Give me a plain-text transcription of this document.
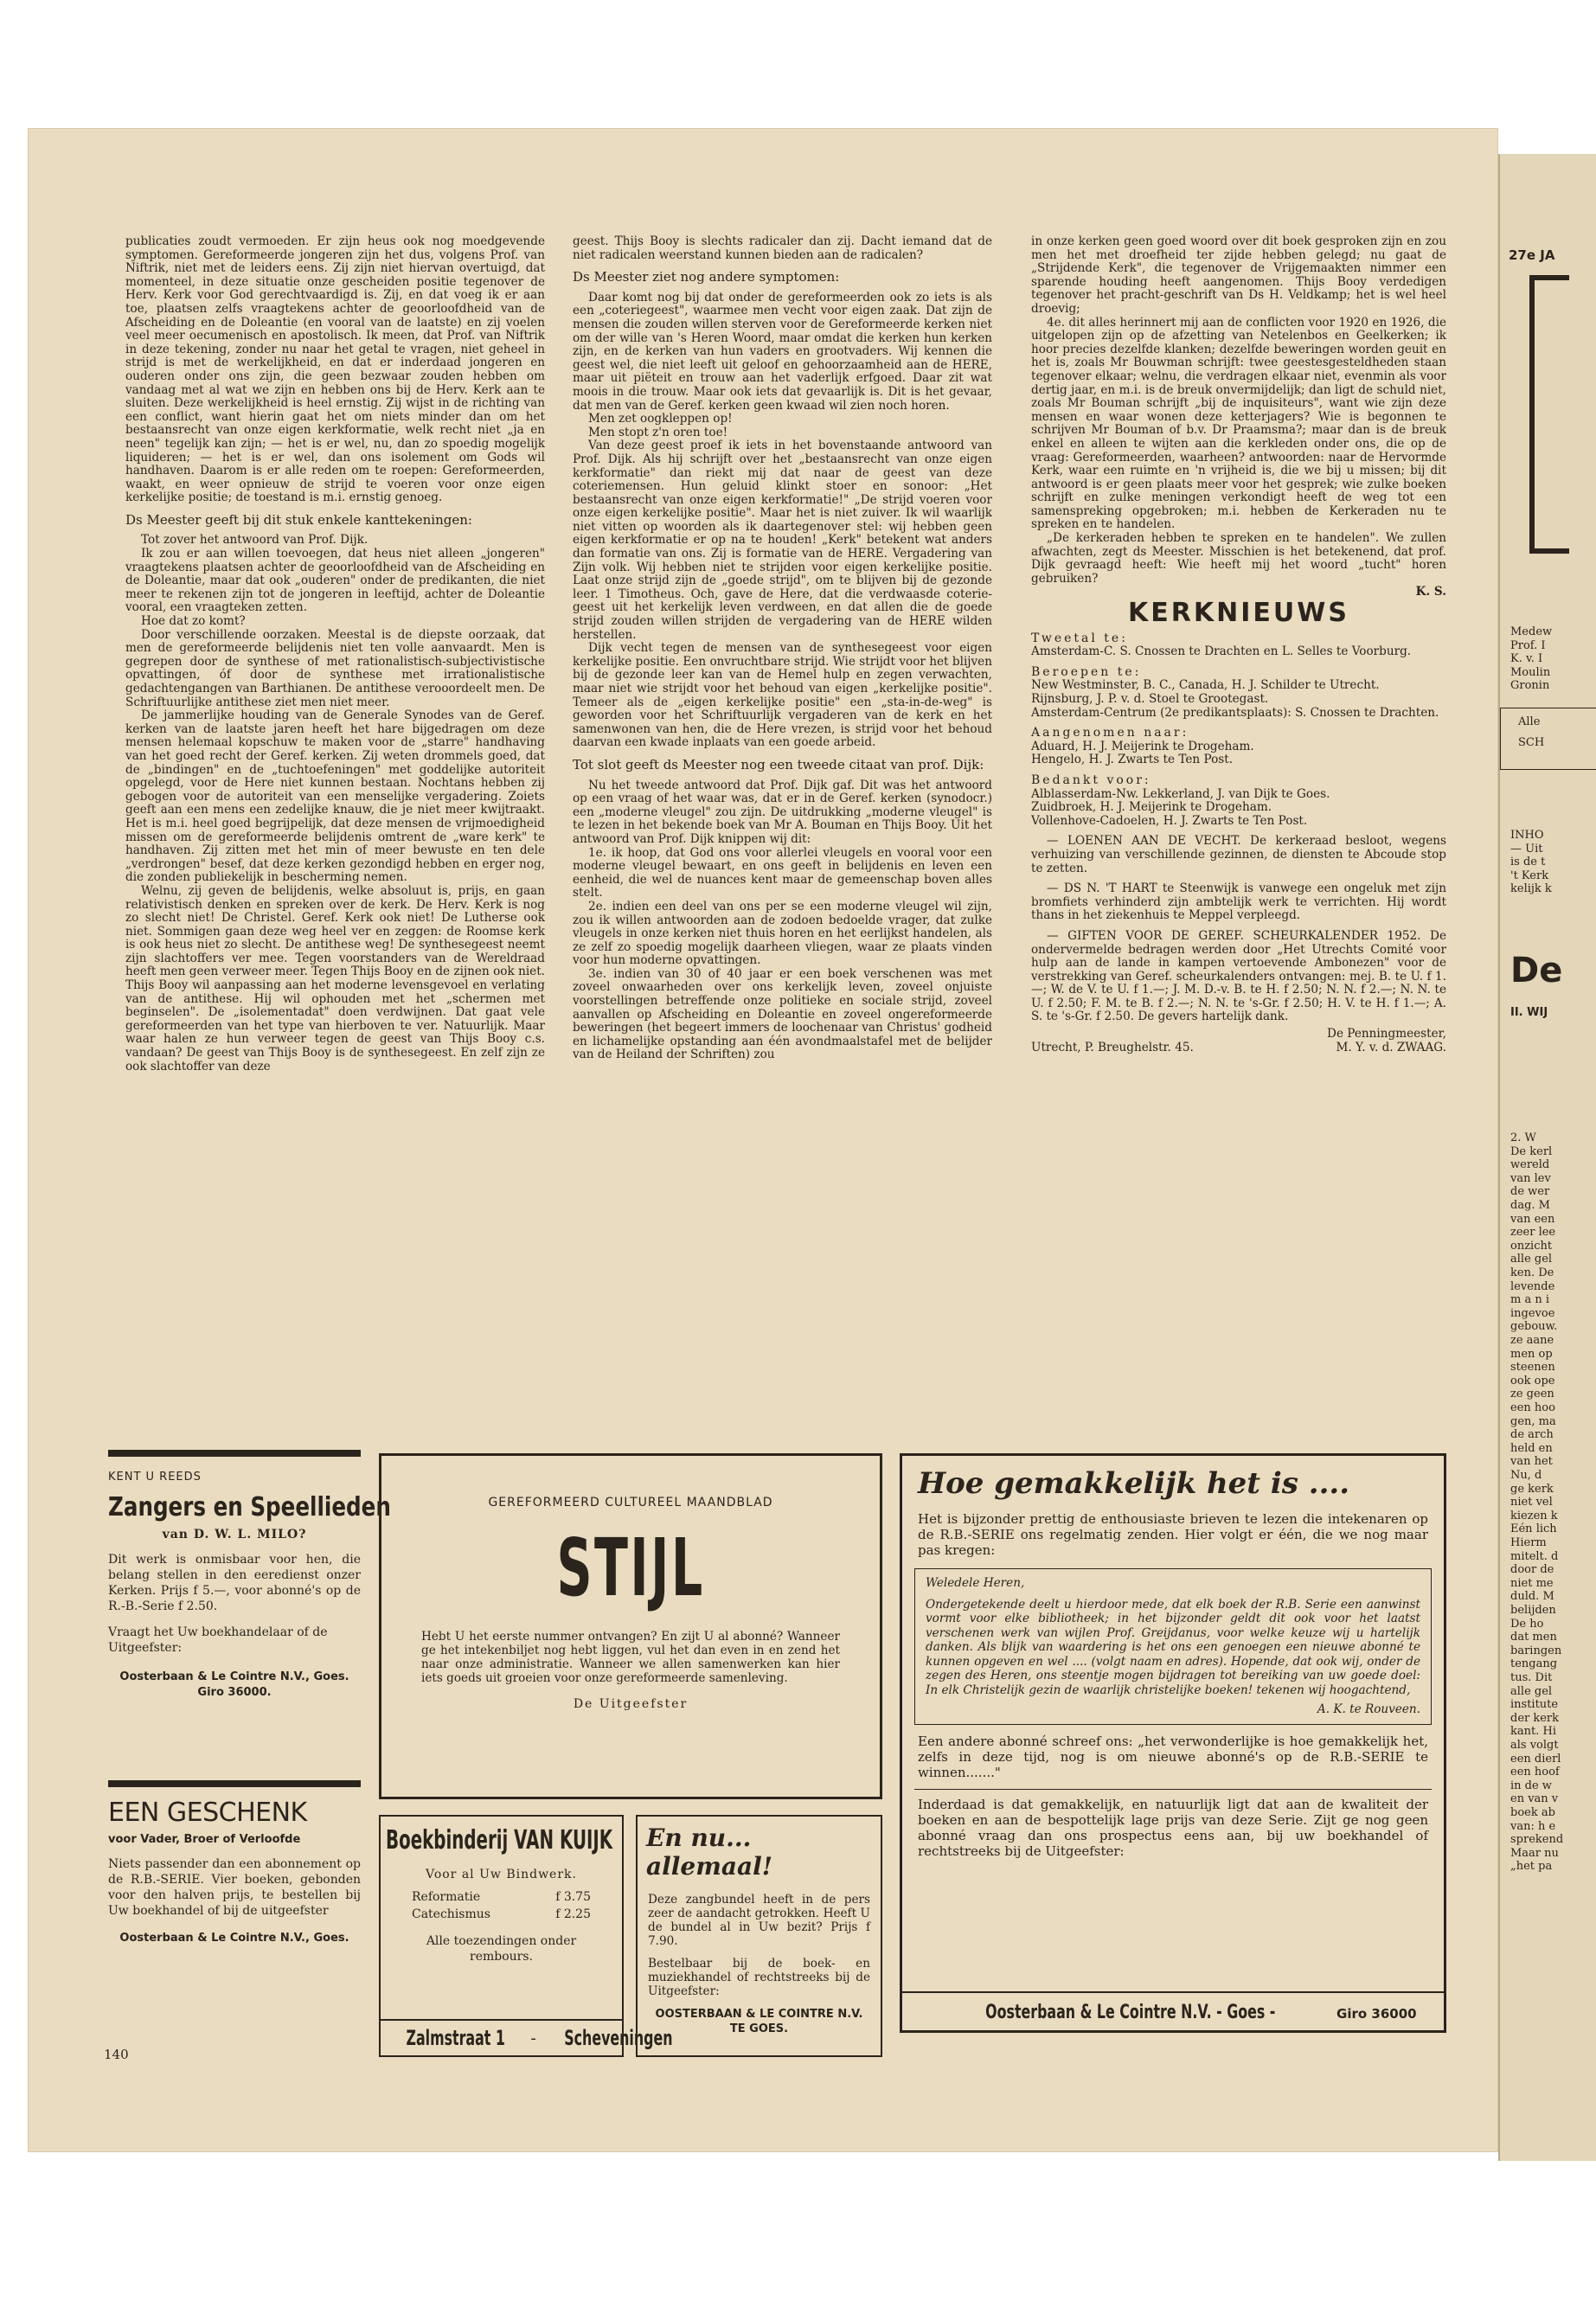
publicaties zoudt vermoeden. Er zijn heus ook nog moedgevende symptomen. Gereformeerde jongeren zijn het dus, volgens Prof. van Niftrik, niet met de leiders eens. Zij zijn niet hiervan overtuigd, dat momenteel, in deze situatie onze gescheiden positie tegenover de Herv. Kerk voor God gerechtvaardigd is. Zij, en dat voeg ik er aan toe, plaatsen zelfs vraagtekens achter de geoorloofdheid van de Afscheiding en de Doleantie (en vooral van de laatste) en zij voelen veel meer oecumenisch en apostolisch. Ik meen, dat Prof. van Niftrik in deze tekening, zonder nu naar het getal te vragen, niet geheel in strijd is met de werkelijkheid, en dat er inderdaad jongeren en ouderen onder ons zijn, die geen bezwaar zouden hebben om vandaag met al wat we zijn en hebben ons bij de Herv. Kerk aan te sluiten. Deze werkelijkheid is heel ernstig. Zij wijst in de richting van een conflict, want hierin gaat het om niets minder dan om het bestaansrecht van onze eigen kerkformatie, welk recht niet „ja en neen" tegelijk kan zijn; — het is er wel, nu, dan zo spoedig mogelijk liquideren; — het is er wel, dan ons isolement om Gods wil handhaven. Daarom is er alle reden om te roepen: Gereformeerden, waakt, en weer opnieuw de strijd te voeren voor onze eigen kerkelijke positie; de toestand is m.i. ernstig genoeg.

Ds Meester geeft bij dit stuk enkele kanttekeningen:

Tot zover het antwoord van Prof. Dijk.

Ik zou er aan willen toevoegen, dat heus niet alleen „jongeren" vraagtekens plaatsen achter de geoorloofdheid van de Afscheiding en de Doleantie, maar dat ook „ouderen" onder de predikanten, die niet meer te rekenen zijn tot de jongeren in leeftijd, achter de Doleantie vooral, een vraagteken zetten.

Hoe dat zo komt?

Door verschillende oorzaken. Meestal is de diepste oorzaak, dat men de gereformeerde belijdenis niet ten volle aanvaardt. Men is gegrepen door de synthese of met rationalistisch-subjectivistische opvattingen, óf door de synthese met irrationalistische gedachtengangen van Barthianen. De antithese verooordeelt men. De Schriftuurlijke antithese ziet men niet meer.

De jammerlijke houding van de Generale Synodes van de Geref. kerken van de laatste jaren heeft het hare bijgedragen om deze mensen helemaal kopschuw te maken voor de „starre" handhaving van het goed recht der Geref. kerken. Zij weten drommels goed, dat de „bindingen" en de „tuchtoefeningen" met goddelijke autoriteit opgelegd, voor de Here niet kunnen bestaan. Nochtans hebben zij gebogen voor de autoriteit van een menselijke vergadering. Zoiets geeft aan een mens een zedelijke knauw, die je niet meer kwijtraakt. Het is m.i. heel goed begrijpelijk, dat deze mensen de vrijmoedigheid missen om de gereformeerde belijdenis omtrent de „ware kerk" te handhaven. Zij zitten met het min of meer bewuste en ten dele „verdrongen" besef, dat deze kerken gezondigd hebben en erger nog, die zonden publiekelijk in bescherming nemen.

Welnu, zij geven de belijdenis, welke absoluut is, prijs, en gaan relativistisch denken en spreken over de kerk. De Herv. Kerk is nog zo slecht niet! De Christel. Geref. Kerk ook niet! De Lutherse ook niet. Sommigen gaan deze weg heel ver en zeggen: de Roomse kerk is ook heus niet zo slecht. De antithese weg! De synthesegeest neemt zijn slachtoffers ver mee. Tegen voorstanders van de Wereldraad heeft men geen verweer meer. Tegen Thijs Booy en de zijnen ook niet. Thijs Booy wil aanpassing aan het moderne levensgevoel en verlating van de antithese. Hij wil ophouden met het „schermen met beginselen". De „isolementadat" doen verdwijnen. Dat gaat vele gereformeerden van het type van hierboven te ver. Natuurlijk. Maar waar halen ze hun verweer tegen de geest van Thijs Booy c.s. vandaan? De geest van Thijs Booy is de synthesegeest. En zelf zijn ze ook slachtoffer van deze

geest. Thijs Booy is slechts radicaler dan zij. Dacht iemand dat de niet radicalen weerstand kunnen bieden aan de radicalen?

Ds Meester ziet nog andere symptomen:

Daar komt nog bij dat onder de gereformeerden ook zo iets is als een „coteriegeest", waarmee men vecht voor eigen zaak. Dat zijn de mensen die zouden willen sterven voor de Gereformeerde kerken niet om der wille van 's Heren Woord, maar omdat die kerken hun kerken zijn, en de kerken van hun vaders en grootvaders. Wij kennen die geest wel, die niet leeft uit geloof en gehoorzaamheid aan de HERE, maar uit piëteit en trouw aan het vaderlijk erfgoed. Daar zit wat moois in die trouw. Maar ook iets dat gevaarlijk is. Dit is het gevaar, dat men van de Geref. kerken geen kwaad wil zien noch horen.

Men zet oogkleppen op!

Men stopt z'n oren toe!

Van deze geest proef ik iets in het bovenstaande antwoord van Prof. Dijk. Als hij schrijft over het „bestaansrecht van onze eigen kerkformatie" dan riekt mij dat naar de geest van deze coteriemensen. Hun geluid klinkt stoer en sonoor: „Het bestaansrecht van onze eigen kerkformatie!" „De strijd voeren voor onze eigen kerkelijke positie". Maar het is niet zuiver. Ik wil waarlijk niet vitten op woorden als ik daartegenover stel: wij hebben geen eigen kerkformatie er op na te houden! „Kerk" betekent wat anders dan formatie van ons. Zij is formatie van de HERE. Vergadering van Zijn volk. Wij hebben niet te strijden voor eigen kerkelijke positie. Laat onze strijd zijn de „goede strijd", om te blijven bij de gezonde leer. 1 Timotheus. Och, gave de Here, dat die verdwaasde coterie-geest uit het kerkelijk leven verdween, en dat allen die de goede strijd zouden willen strijden de vergadering van de HERE wilden herstellen.

Dijk vecht tegen de mensen van de synthesegeest voor eigen kerkelijke positie. Een onvruchtbare strijd. Wie strijdt voor het blijven bij de gezonde leer kan van de Hemel hulp en zegen verwachten, maar niet wie strijdt voor het behoud van eigen „kerkelijke positie". Temeer als de „eigen kerkelijke positie" een „sta-in-de-weg" is geworden voor het Schriftuurlijk vergaderen van de kerk en het samenwonen van hen, die de Here vrezen, is strijd voor het behoud daarvan een kwade inplaats van een goede arbeid.

Tot slot geeft ds Meester nog een tweede citaat van prof. Dijk:

Nu het tweede antwoord dat Prof. Dijk gaf. Dit was het antwoord op een vraag of het waar was, dat er in de Geref. kerken (synodocr.) een „moderne vleugel" zou zijn. De uitdrukking „moderne vleugel" is te lezen in het bekende boek van Mr A. Bouman en Thijs Booy. Uit het antwoord van Prof. Dijk knippen wij dit:

1e. ik hoop, dat God ons voor allerlei vleugels en vooral voor een moderne vleugel bewaart, en ons geeft in belijdenis en leven een eenheid, die wel de nuances kent maar de gemeenschap boven alles stelt.

2e. indien een deel van ons per se een moderne vleugel wil zijn, zou ik willen antwoorden aan de zodoen bedoelde vrager, dat zulke vleugels in onze kerken niet thuis horen en het eerlijkst handelen, als ze zelf zo spoedig mogelijk daarheen vliegen, waar ze plaats vinden voor hun moderne opvattingen.

3e. indien van 30 of 40 jaar er een boek verschenen was met zoveel onwaarheden over ons kerkelijk leven, zoveel onjuiste voorstellingen betreffende onze politieke en sociale strijd, zoveel aanvallen op Afscheiding en Doleantie en zoveel ongereformeerde beweringen (het begeert immers de loochenaar van Christus' godheid en lichamelijke opstanding aan één avondmaalstafel met de belijder van de Heiland der Schriften) zou

in onze kerken geen goed woord over dit boek gesproken zijn en zou men het met droefheid ter zijde hebben gelegd; nu gaat de „Strijdende Kerk", die tegenover de Vrijgemaakten nimmer een sparende houding heeft aangenomen. Thijs Booy verdedigen tegenover het pracht-geschrift van Ds H. Veldkamp; het is wel heel droevig;

4e. dit alles herinnert mij aan de conflicten voor 1920 en 1926, die uitgelopen zijn op de afzetting van Netelenbos en Geelkerken; ik hoor precies dezelfde klanken; dezelfde beweringen worden geuit en het is, zoals Mr Bouwman schrijft: twee geestesgesteldheden staan tegenover elkaar; welnu, die verdragen elkaar niet, evenmin als voor dertig jaar, en m.i. is de breuk onvermijdelijk; dan ligt de schuld niet, zoals Mr Bouman schrijft „bij de inquisiteurs", want wie zijn deze mensen en waar wonen deze ketterjagers? Wie is begonnen te schrijven Mr Bouman of b.v. Dr Praamsma?; maar dan is de breuk enkel en alleen te wijten aan die kerkleden onder ons, die op de vraag: Gereformeerden, waarheen? antwoorden: naar de Hervormde Kerk, waar een ruimte en 'n vrijheid is, die we bij u missen; bij dit antwoord is er geen plaats meer voor het gesprek; wie zulke boeken schrijft en zulke meningen verkondigt heeft de weg tot een samenspreking opgebroken; m.i. hebben de Kerkeraden nu te spreken en te handelen.

„De kerkeraden hebben te spreken en te handelen". We zullen afwachten, zegt ds Meester. Misschien is het betekenend, dat prof. Dijk gevraagd heeft: Wie heeft mij het woord „tucht" horen gebruiken?

K. S.
KERKNIEUWS
Tweetal te:
Amsterdam-C. S. Cnossen te Drachten en L. Selles te Voorburg.
Beroepen te:
New Westminster, B. C., Canada, H. J. Schilder te Utrecht.
Rijnsburg, J. P. v. d. Stoel te Grootegast.
Amsterdam-Centrum (2e predikantsplaats): S. Cnossen te Drachten.
Aangenomen naar:
Aduard, H. J. Meijerink te Drogeham.
Hengelo, H. J. Zwarts te Ten Post.
Bedankt voor:
Alblasserdam-Nw. Lekkerland, J. van Dijk te Goes.
Zuidbroek, H. J. Meijerink te Drogeham.
Vollenhove-Cadoelen, H. J. Zwarts te Ten Post.

— LOENEN AAN DE VECHT. De kerkeraad besloot, wegens verhuizing van verschillende gezinnen, de diensten te Abcoude stop te zetten.

— DS N. 'T HART te Steenwijk is vanwege een ongeluk met zijn bromfiets verhinderd zijn ambtelijk werk te verrichten. Hij wordt thans in het ziekenhuis te Meppel verpleegd.

— GIFTEN VOOR DE GEREF. SCHEURKALENDER 1952. De ondervermelde bedragen werden door „Het Utrechts Comité voor hulp aan de lande in kampen vertoevende Ambonezen" voor de verstrekking van Geref. scheurkalenders ontvangen: mej. B. te U. f 1.—; W. de V. te U. f 1.—; J. M. D.-v. B. te H. f 2.50; N. N. f 2.—; N. N. te U. f 2.50; F. M. te B. f 2.—; N. N. te 's-Gr. f 2.50; H. V. te H. f 1.—; A. S. te 's-Gr. f 2.50. De gevers hartelijk dank.

De Penningmeester,
Utrecht, P. Breughelstr. 45.	M. Y. v. d. ZWAAG.
KENT U REEDS
Zangers en Speellieden
van D. W. L. MILO?
Dit werk is onmisbaar voor hen, die belang stellen in den eeredienst onzer Kerken. Prijs f 5.—, voor abonné's op de R.-B.-Serie f 2.50.
Vraagt het Uw boekhandelaar of de Uitgeefster:
Oosterbaan & Le Cointre N.V., Goes. Giro 36000.
EEN GESCHENK
voor Vader, Broer of Verloofde
Niets passender dan een abonnement op de R.B.-SERIE. Vier boeken, gebonden voor den halven prijs, te bestellen bij Uw boekhandel of bij de uitgeefster
Oosterbaan & Le Cointre N.V., Goes.
140
GEREFORMEERD CULTUREEL MAANDBLAD
STIJL
Hebt U het eerste nummer ontvangen? En zijt U al abonné? Wanneer ge het intekenbiljet nog hebt liggen, vul het dan even in en zend het naar onze administratie. Wanneer we allen samenwerken kan hier iets goeds uit groeien voor onze gereformeerde samenleving.
De Uitgeefster
Boekbinderij VAN KUIJK
Voor al Uw Bindwerk.
Reformatie	f 3.75
Catechismus	f 2.25
Alle toezendingen onder rembours.
Zalmstraat 1 - Scheveningen
En nu... allemaal!
Deze zangbundel heeft in de pers zeer de aandacht getrokken. Heeft U de bundel al in Uw bezit? Prijs f 7.90.
Bestelbaar bij de boek- en muziekhandel of rechtstreeks bij de Uitgeefster:
OOSTERBAAN & LE COINTRE N.V. TE GOES.
Hoe gemakkelijk het is ....
Het is bijzonder prettig de enthousiaste brieven te lezen die intekenaren op de R.B.-SERIE ons regelmatig zenden. Hier volgt er één, die we nog maar pas kregen:
Weledele Heren,
Ondergetekende deelt u hierdoor mede, dat elk boek der R.B. Serie een aanwinst vormt voor elke bibliotheek; in het bijzonder geldt dit ook voor het laatst verschenen werk van wijlen Prof. Greijdanus, voor welke keuze wij u hartelijk danken. Als blijk van waardering is het ons een genoegen een nieuwe abonné te kunnen opgeven en wel .... (volgt naam en adres). Hopende, dat ook wij, onder de zegen des Heren, ons steentje mogen bijdragen tot bereiking van uw goede doel: In elk Christelijk gezin de waarlijk christelijke boeken! tekenen wij hoogachtend,
A. K. te Rouveen.
Een andere abonné schreef ons: „het verwonderlijke is hoe gemakkelijk het, zelfs in deze tijd, nog is om nieuwe abonné's op de R.B.-SERIE te winnen......."
Inderdaad is dat gemakkelijk, en natuurlijk ligt dat aan de kwaliteit der boeken en aan de bespottelijk lage prijs van deze Serie. Zijt ge nog geen abonné vraag dan ons prospectus eens aan, bij uw boekhandel of rechtstreeks bij de Uitgeefster:
Oosterbaan & Le Cointre N.V. - Goes -	Giro 36000
27e JA
Medew
Prof. I
K. v. I
Moulin
Gronin
Alle
SCH
INHO
— Uit
is de t
't Kerk
kelijk k
De
II. WIJ
2. W
De kerl
wereld
van lev
de wer
dag. M
van een
zeer lee
onzicht
alle gel
ken. De
levende
m a n i
ingevoe
gebouw.
ze aane
men op
steenen
ook ope
ze geen
een hoo
gen, ma
de arch
held en
van het
Nu, d
ge kerk
niet vel
kiezen k
Eén lich
Hierm
mitelt. d
door de
niet me
duld. M
belijden
De ho
dat men
baringen
tengang
tus. Dit
alle gel
institute
der kerk
kant. Hi
als volgt
een dierl
een hoof
in de w
en van v
boek ab
van: h e
sprekend
Maar nu
„het pa
